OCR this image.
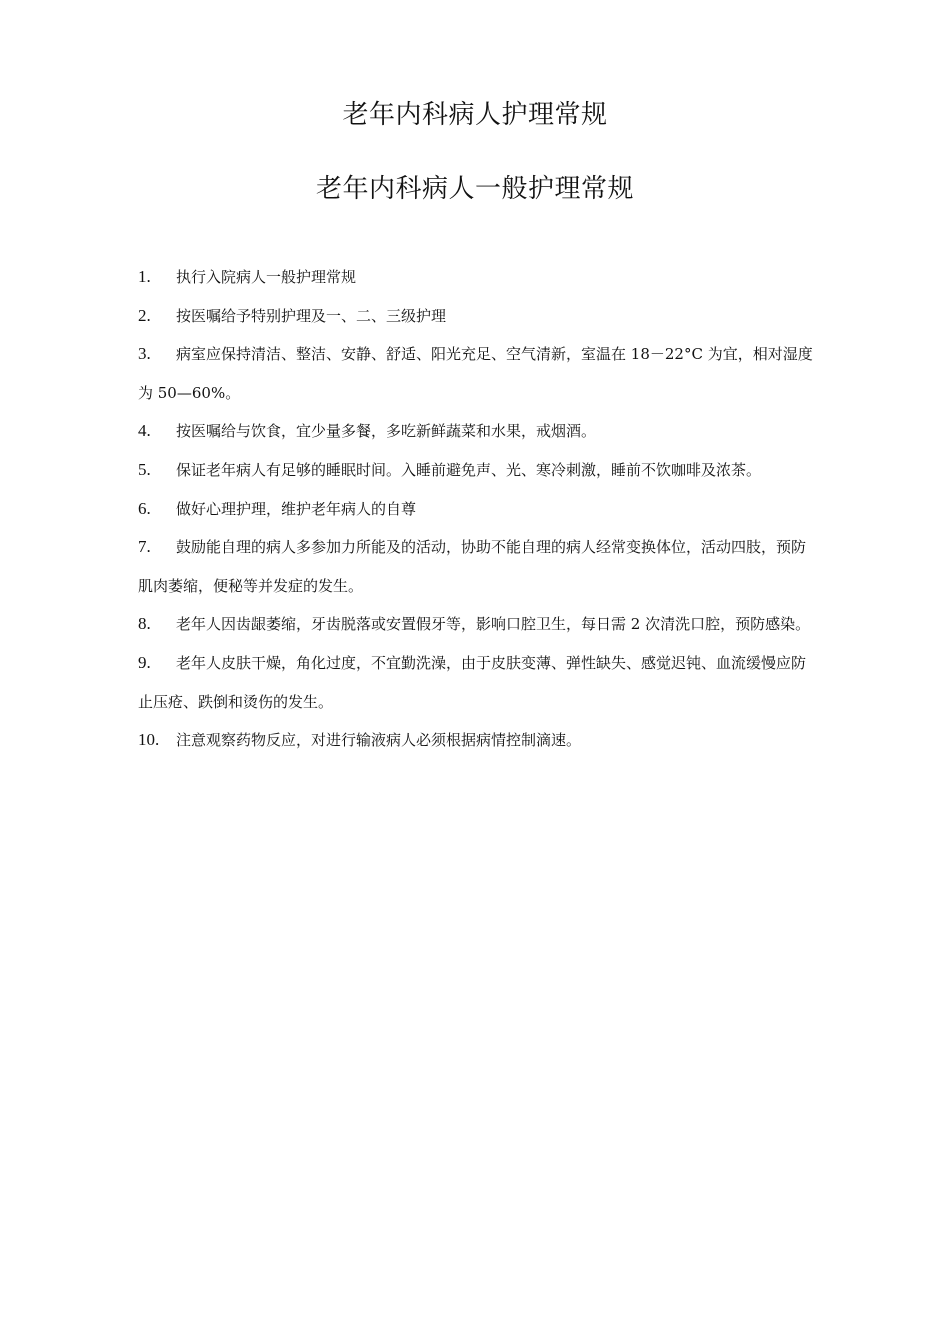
老年内科病人护理常规
老年内科病人一般护理常规
1. 执行入院病人一般护理常规
2. 按医嘱给予特别护理及一、二、三级护理
3. 病室应保持清洁、整洁、安静、舒适、阳光充足、空气清新，室温在 18－22°C 为宜，相对湿度为 50—60%。
4. 按医嘱给与饮食，宜少量多餐，多吃新鲜蔬菜和水果，戒烟酒。
5. 保证老年病人有足够的睡眠时间。入睡前避免声、光、寒冷刺激，睡前不饮咖啡及浓茶。
6. 做好心理护理，维护老年病人的自尊
7. 鼓励能自理的病人多参加力所能及的活动，协助不能自理的病人经常变换体位，活动四肢，预防肌肉萎缩，便秘等并发症的发生。
8. 老年人因齿龈萎缩，牙齿脱落或安置假牙等，影响口腔卫生，每日需 2 次清洗口腔，预防感染。
9. 老年人皮肤干燥，角化过度，不宜勤洗澡，由于皮肤变薄、弹性缺失、感觉迟钝、血流缓慢应防止压疮、跌倒和烫伤的发生。
10. 注意观察药物反应，对进行输液病人必须根据病情控制滴速。
